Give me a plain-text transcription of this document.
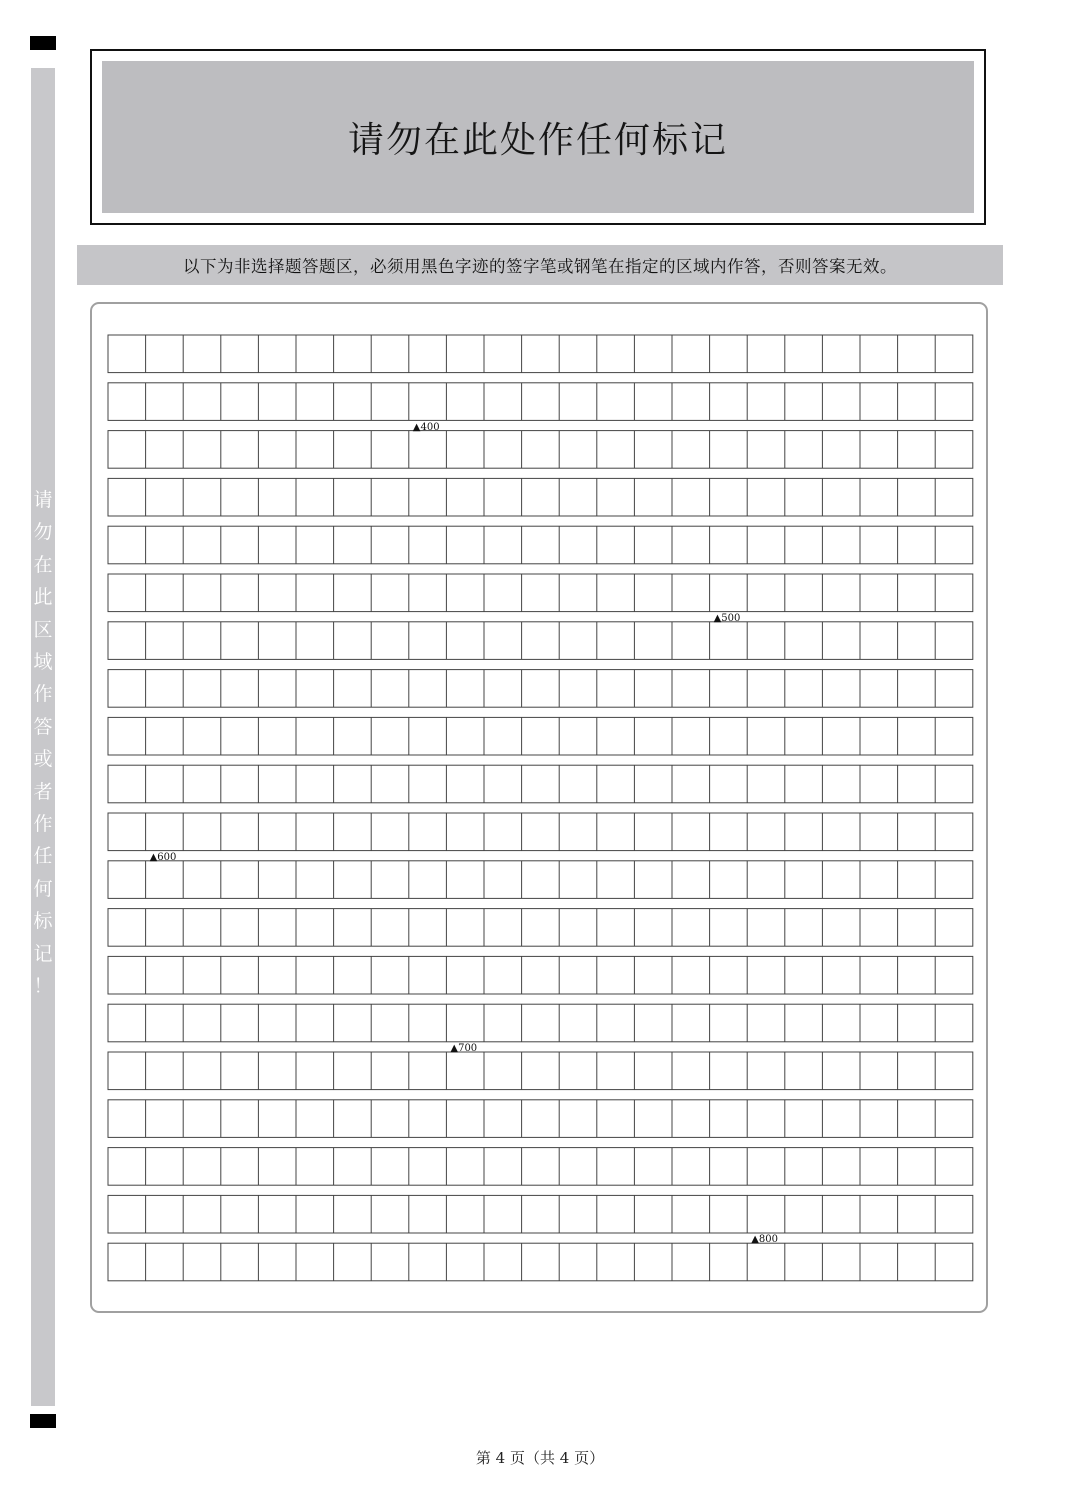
请
勿
在
此
区
域
作
答
或
者
作
任
何
标
记
！
请勿在此处作任何标记
以下为非选择题答题区，必须用黑色字迹的签字笔或钢笔在指定的区域内作答，否则答案无效。
▲400
▲500
▲600
▲700
▲800
第 4 页（共 4 页）
